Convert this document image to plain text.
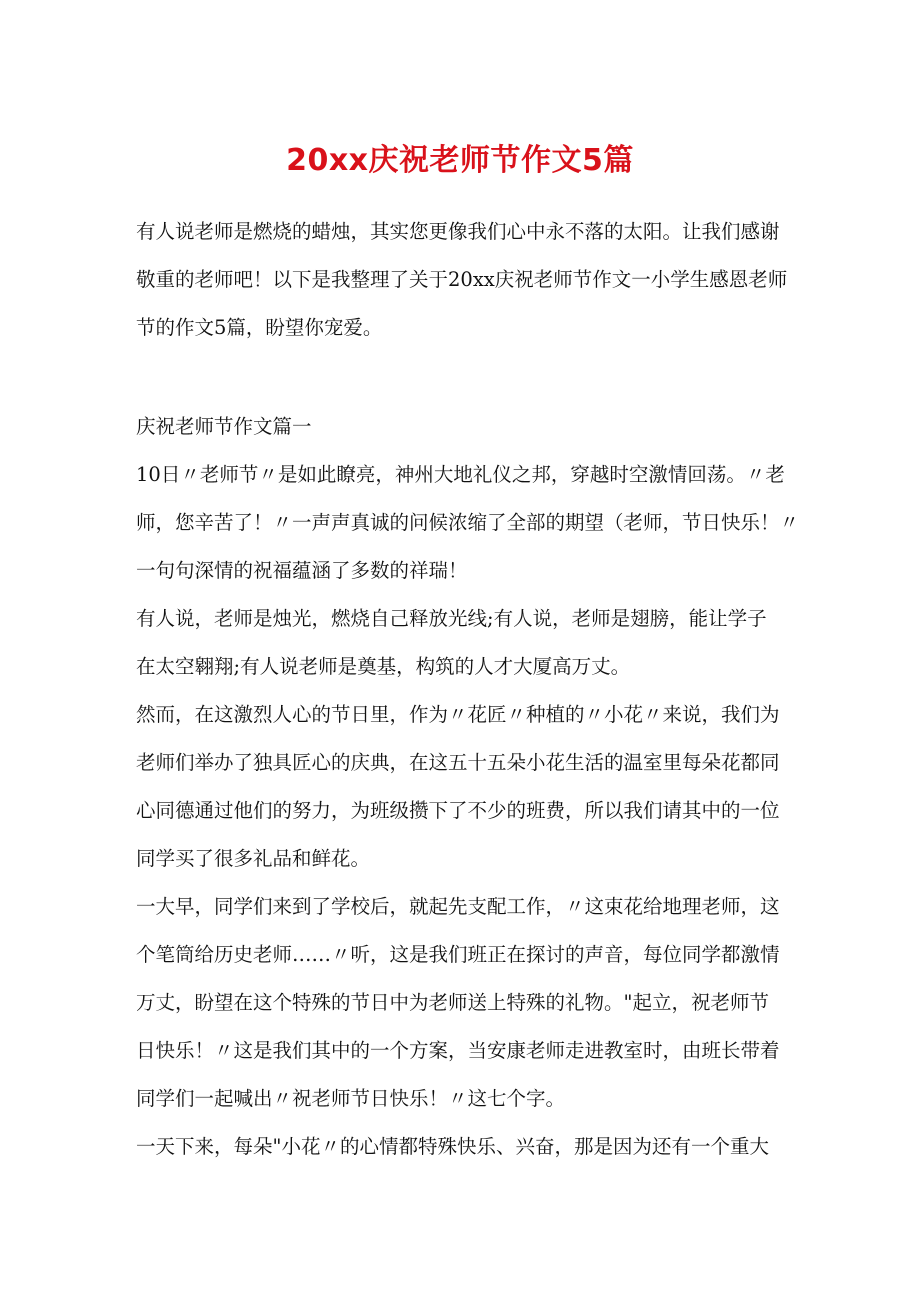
20xx庆祝老师节作文5篇
有人说老师是燃烧的蜡烛，其实您更像我们心中永不落的太阳。让我们感谢
敬重的老师吧！以下是我整理了关于20xx庆祝老师节作文一小学生感恩老师
节的作文5篇，盼望你宠爱。
庆祝老师节作文篇一
10日〃老师节〃是如此瞭亮，神州大地礼仪之邦，穿越时空激情回荡。〃老
师，您辛苦了！〃一声声真诚的问候浓缩了全部的期望（老师，节日快乐！〃
一句句深情的祝福蕴涵了多数的祥瑞！
有人说，老师是烛光，燃烧自己释放光线;有人说，老师是翅膀，能让学子
在太空翱翔;有人说老师是奠基，构筑的人才大厦高万丈。
然而，在这激烈人心的节日里，作为〃花匠〃种植的〃小花〃来说，我们为
老师们举办了独具匠心的庆典，在这五十五朵小花生活的温室里每朵花都同
心同德通过他们的努力，为班级攒下了不少的班费，所以我们请其中的一位
同学买了很多礼品和鲜花。
一大早，同学们来到了学校后，就起先支配工作，〃这束花给地理老师，这
个笔筒给历史老师……〃听，这是我们班正在探讨的声音，每位同学都激情
万丈，盼望在这个特殊的节日中为老师送上特殊的礼物。"起立，祝老师节
日快乐！〃这是我们其中的一个方案，当安康老师走进教室时，由班长带着
同学们一起喊出〃祝老师节日快乐！〃这七个字。
一天下来，每朵"小花〃的心情都特殊快乐、兴奋，那是因为还有一个重大
